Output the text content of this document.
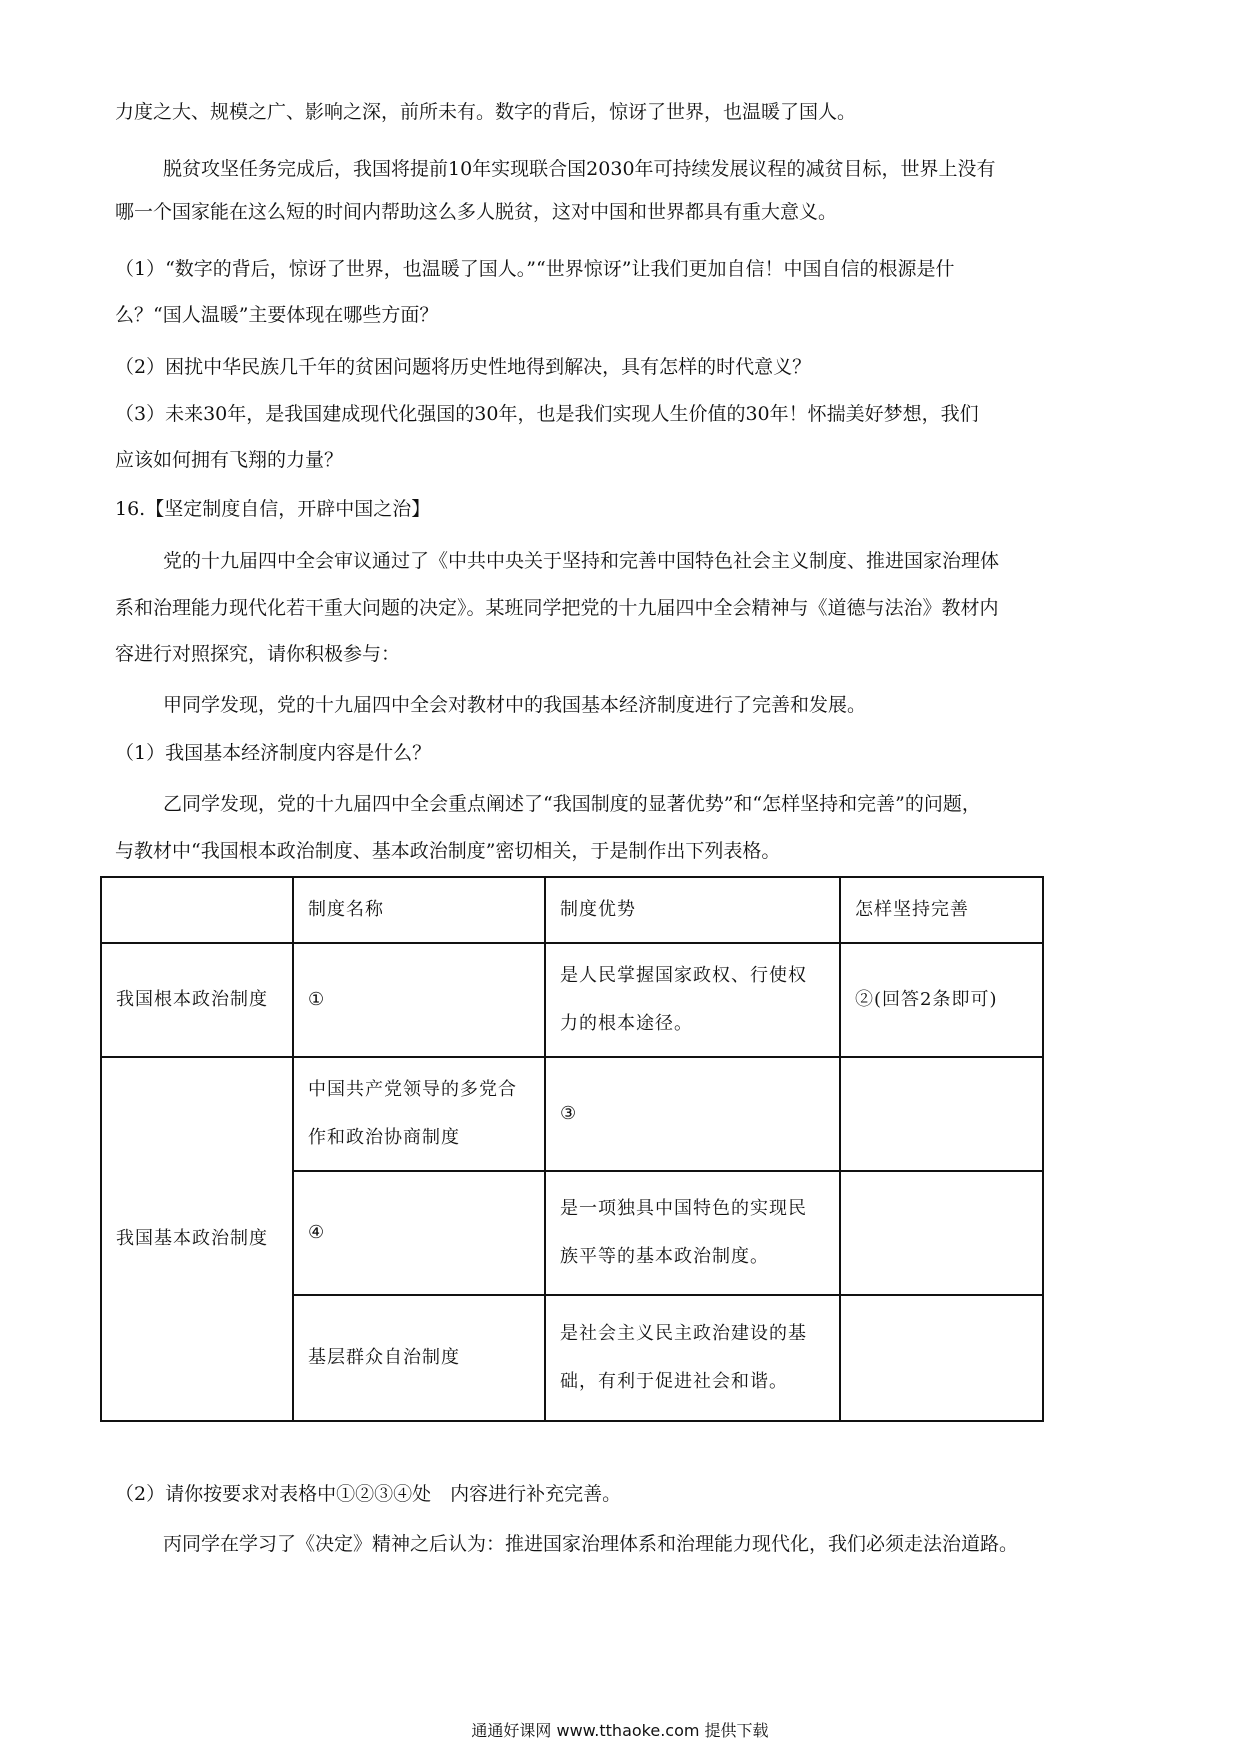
力度之大、规模之广、影响之深，前所未有。数字的背后，惊讶了世界，也温暖了国人。
脱贫攻坚任务完成后，我国将提前10年实现联合国2030年可持续发展议程的减贫目标，世界上没有
哪一个国家能在这么短的时间内帮助这么多人脱贫，这对中国和世界都具有重大意义。
（1）“数字的背后，惊讶了世界，也温暖了国人。”“世界惊讶”让我们更加自信！中国自信的根源是什
么？“国人温暖”主要体现在哪些方面？
（2）困扰中华民族几千年的贫困问题将历史性地得到解决，具有怎样的时代意义？
（3）未来30年，是我国建成现代化强国的30年，也是我们实现人生价值的30年！怀揣美好梦想，我们
应该如何拥有飞翔的力量？
16.【坚定制度自信，开辟中国之治】
党的十九届四中全会审议通过了《中共中央关于坚持和完善中国特色社会主义制度、推进国家治理体
系和治理能力现代化若干重大问题的决定》。某班同学把党的十九届四中全会精神与《道德与法治》教材内
容进行对照探究，请你积极参与：
甲同学发现，党的十九届四中全会对教材中的我国基本经济制度进行了完善和发展。
（1）我国基本经济制度内容是什么？
乙同学发现，党的十九届四中全会重点阐述了“我国制度的显著优势”和“怎样坚持和完善”的问题，
与教材中“我国根本政治制度、基本政治制度”密切相关，于是制作出下列表格。
	制度名称	制度优势	怎样坚持完善
我国根本政治制度	①	是人民掌握国家政权、行使权力的根本途径。	②(回答2条即可)
我国基本政治制度	中国共产党领导的多党合作和政治协商制度	③	
	④	是一项独具中国特色的实现民族平等的基本政治制度。	
	基层群众自治制度	是社会主义民主政治建设的基础，有利于促进社会和谐。	
（2）请你按要求对表格中①②③④处　内容进行补充完善。
丙同学在学习了《决定》精神之后认为：推进国家治理体系和治理能力现代化，我们必须走法治道路。
通通好课网 www.tthaoke.com 提供下载
